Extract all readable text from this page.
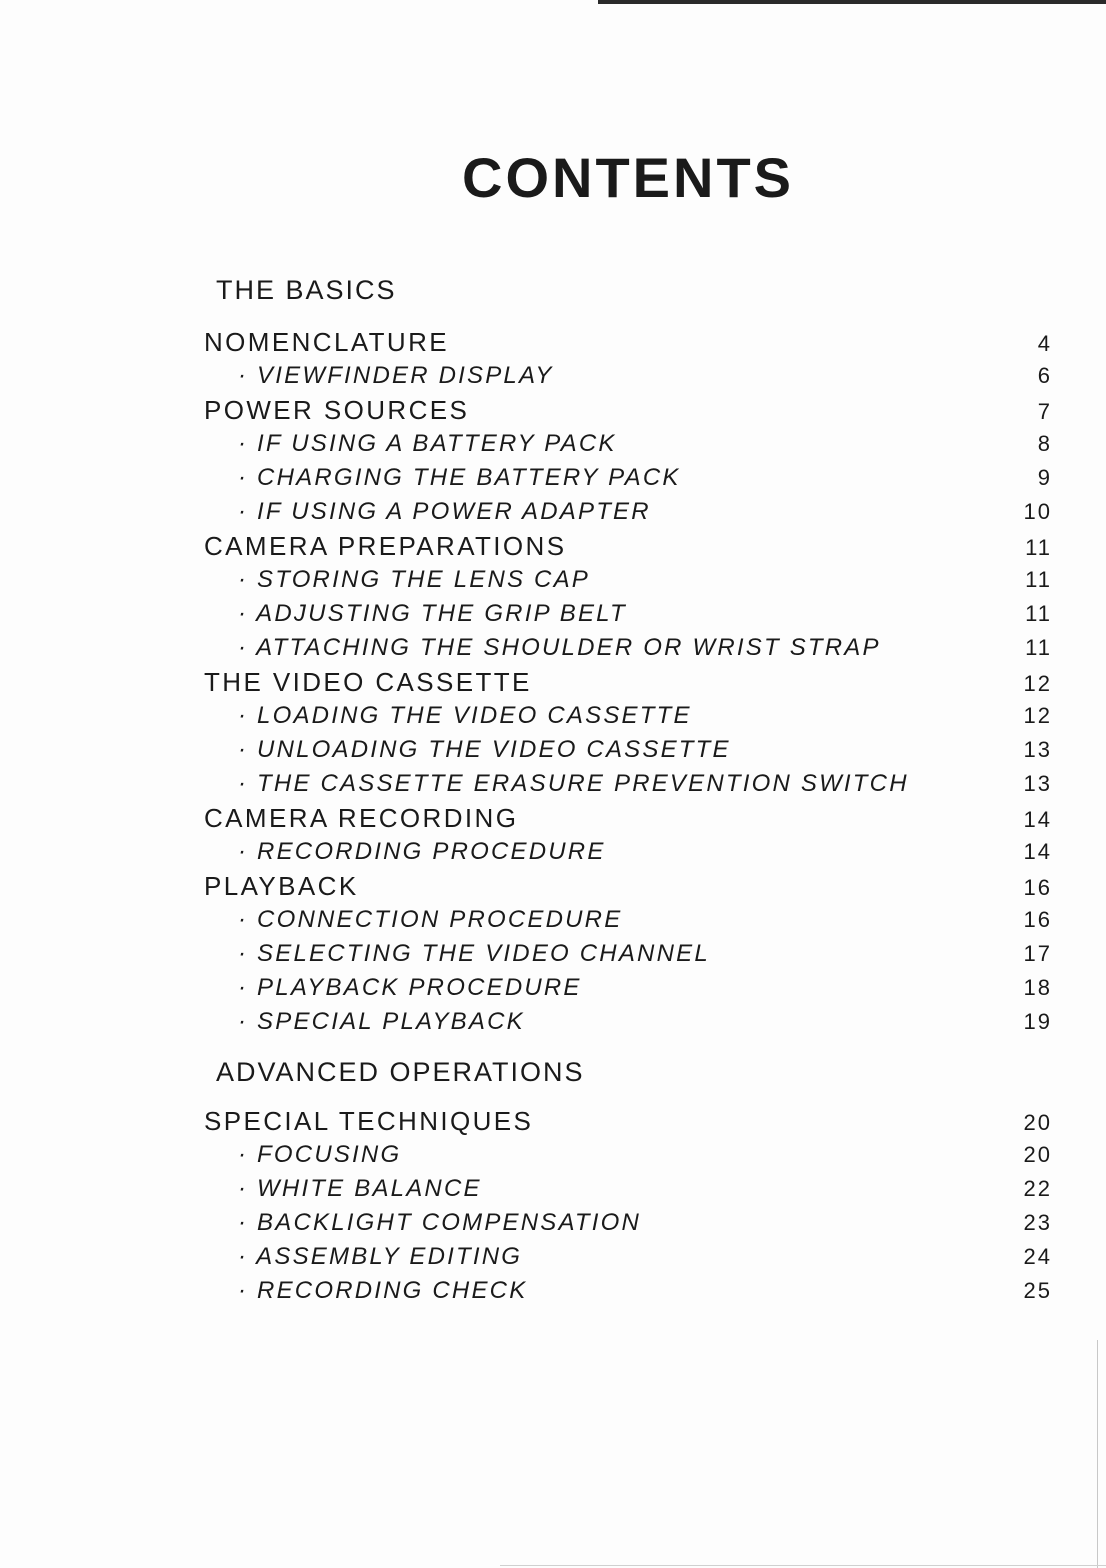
CONTENTS
THE BASICS
NOMENCLATURE	4
· VIEWFINDER DISPLAY	6
POWER SOURCES	7
· IF USING A BATTERY PACK	8
· CHARGING THE BATTERY PACK	9
· IF USING A POWER ADAPTER	10
CAMERA PREPARATIONS	11
· STORING THE LENS CAP	11
· ADJUSTING THE GRIP BELT	11
· ATTACHING THE SHOULDER OR WRIST STRAP	11
THE VIDEO CASSETTE	12
· LOADING THE VIDEO CASSETTE	12
· UNLOADING THE VIDEO CASSETTE	13
· THE CASSETTE ERASURE PREVENTION SWITCH	13
CAMERA RECORDING	14
· RECORDING PROCEDURE	14
PLAYBACK	16
· CONNECTION PROCEDURE	16
· SELECTING THE VIDEO CHANNEL	17
· PLAYBACK PROCEDURE	18
· SPECIAL PLAYBACK	19
ADVANCED OPERATIONS
SPECIAL TECHNIQUES	20
· FOCUSING	20
· WHITE BALANCE	22
· BACKLIGHT COMPENSATION	23
· ASSEMBLY EDITING	24
· RECORDING CHECK	25
